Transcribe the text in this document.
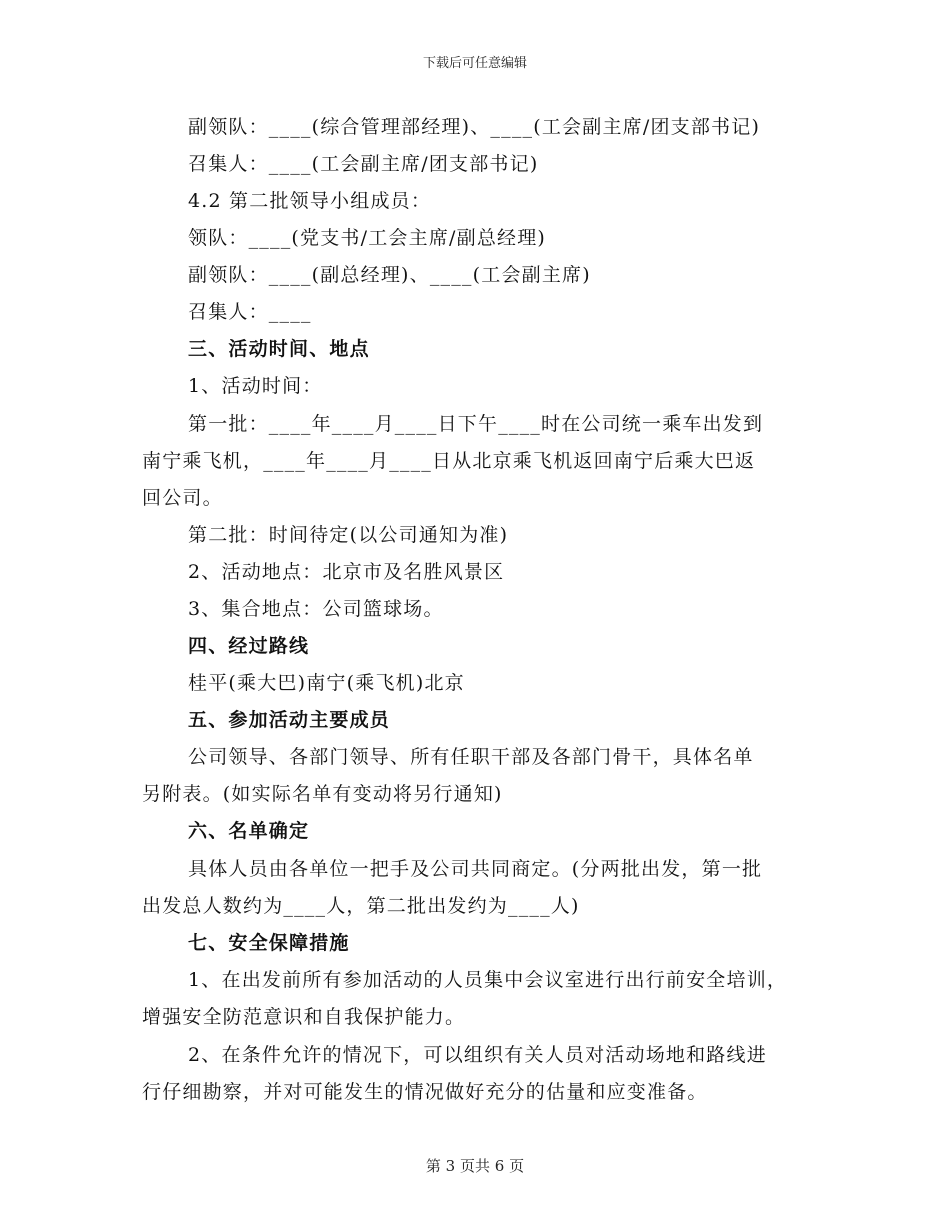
下载后可任意编辑
副领队：____(综合管理部经理)、____(工会副主席/团支部书记)
召集人：____(工会副主席/团支部书记)
4.2 第二批领导小组成员：
领队：____(党支书/工会主席/副总经理)
副领队：____(副总经理)、____(工会副主席)
召集人：____
三、活动时间、地点
1、活动时间：
第一批：____年____月____日下午____时在公司统一乘车出发到
南宁乘飞机，____年____月____日从北京乘飞机返回南宁后乘大巴返
回公司。
第二批：时间待定(以公司通知为准)
2、活动地点：北京市及名胜风景区
3、集合地点：公司篮球场。
四、经过路线
桂平(乘大巴)南宁(乘飞机)北京
五、参加活动主要成员
公司领导、各部门领导、所有任职干部及各部门骨干，具体名单
另附表。(如实际名单有变动将另行通知)
六、名单确定
具体人员由各单位一把手及公司共同商定。(分两批出发，第一批
出发总人数约为____人，第二批出发约为____人)
七、安全保障措施
1、在出发前所有参加活动的人员集中会议室进行出行前安全培训，
增强安全防范意识和自我保护能力。
2、在条件允许的情况下，可以组织有关人员对活动场地和路线进
行仔细勘察，并对可能发生的情况做好充分的估量和应变准备。
第 3 页共 6 页
